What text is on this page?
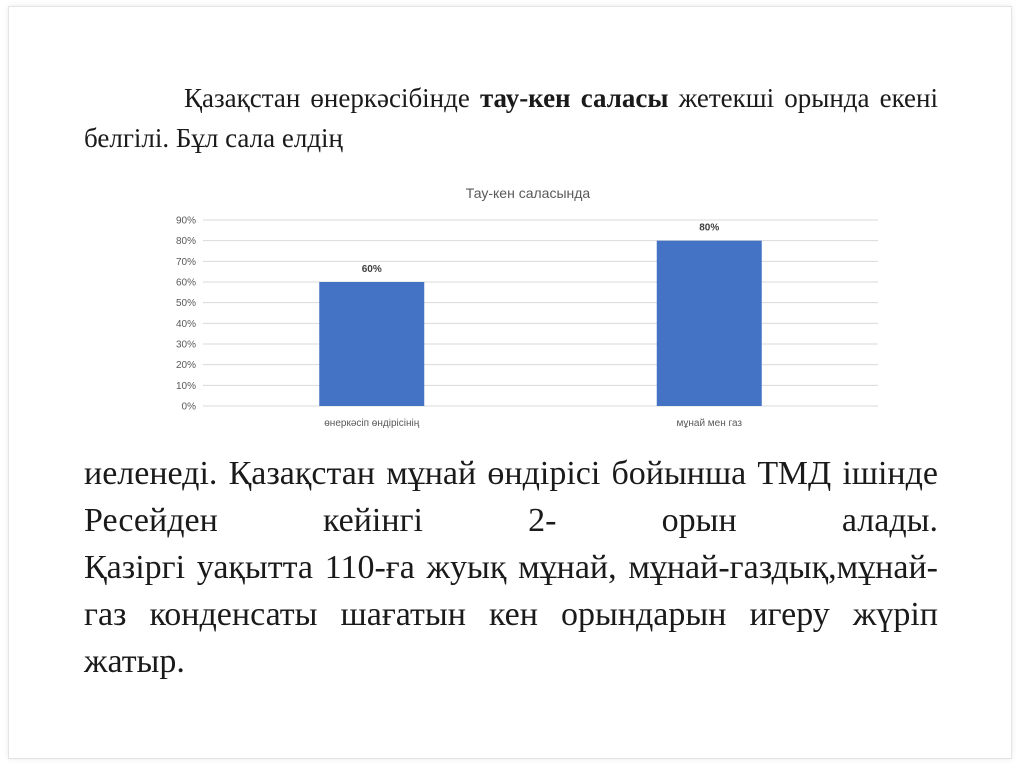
Қазақстан өнеркәсібінде тау-кен саласы жетекші орында екені белгілі. Бұл сала елдің
Тау-кен саласында
0%
10%
20%
30%
40%
50%
60%
70%
80%
90%
60%
өнеркәсіп өндірісінің
80%
мұнай мен газ

иеленеді. Қазақстан мұнай өндірісі бойынша ТМД ішінде Ресейден кейінгі 2- орын алады.

Қазіргі уақытта 110-ға жуық мұнай, мұнай-газдық,мұнай-газ конденсаты шағатын кен орындарын игеру жүріп жатыр.
